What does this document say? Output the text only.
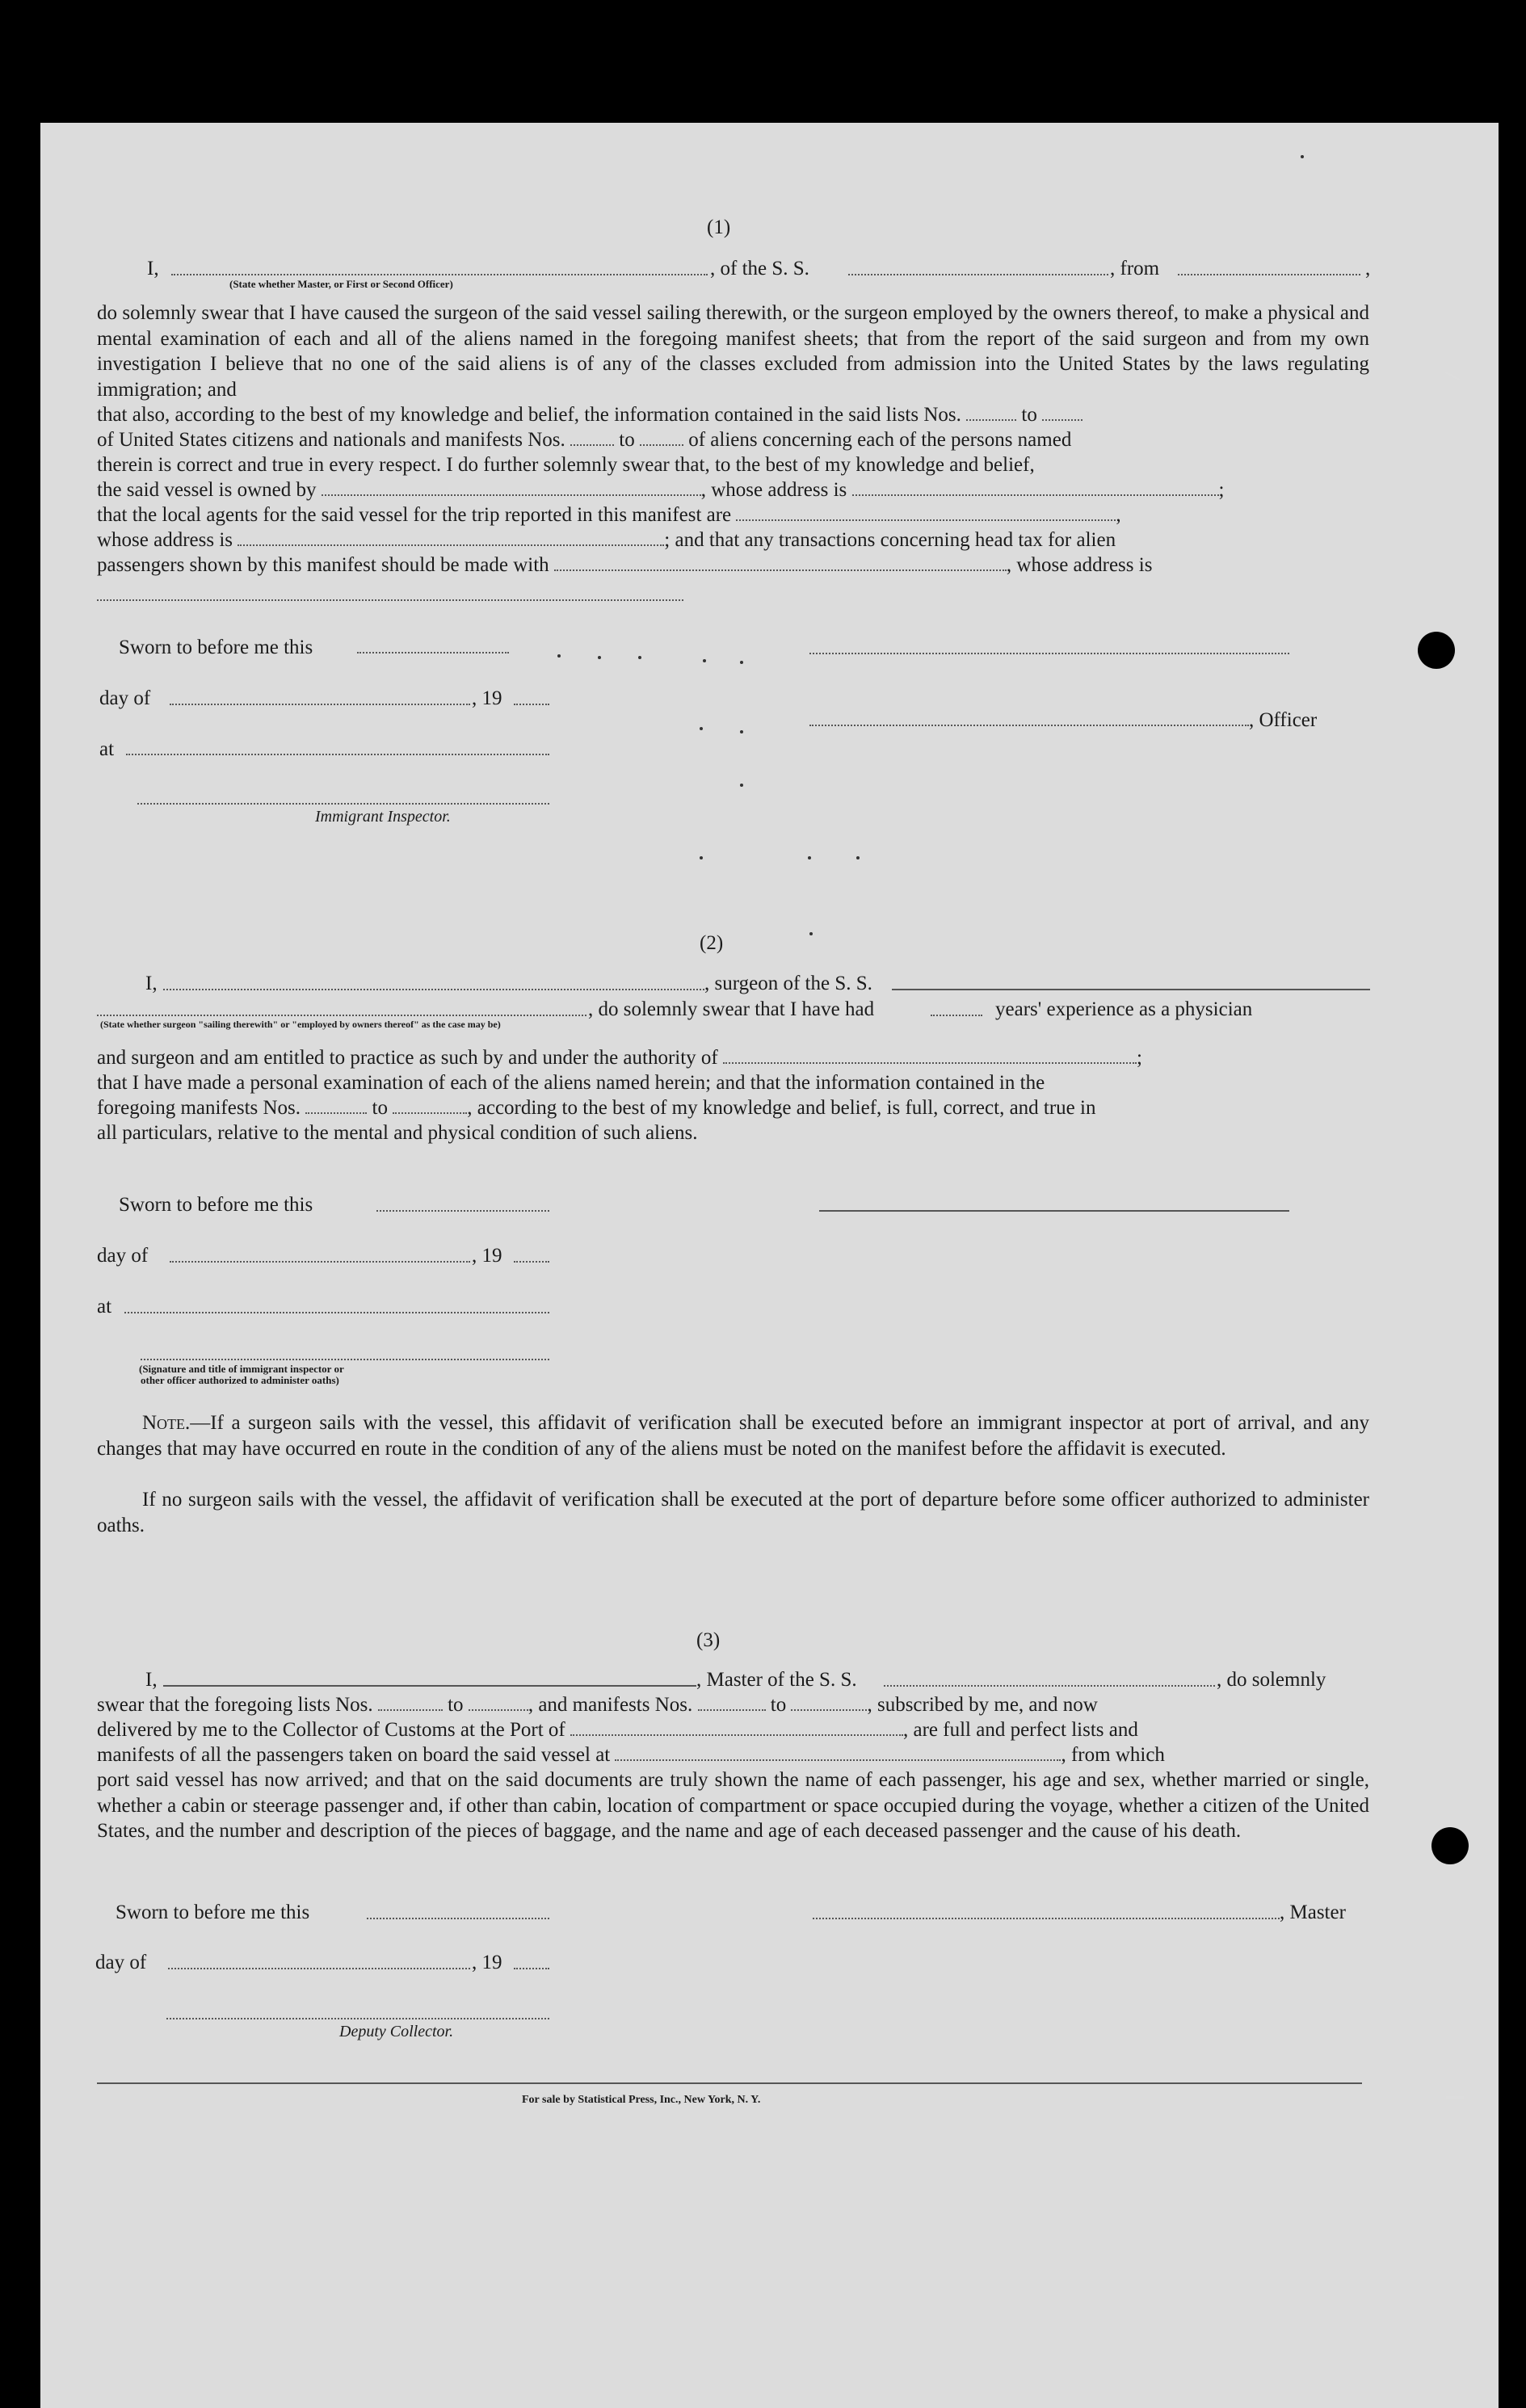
(1)
I,	, of the S. S.	, from	,
(State whether Master, or First or Second Officer)

do solemnly swear that I have caused the surgeon of the said vessel sailing therewith, or the surgeon employed by the owners thereof, to make a physical and mental examination of each and all of the aliens named in the foregoing manifest sheets; that from the report of the said surgeon and from my own investigation I believe that no one of the said aliens is of any of the classes excluded from admission into the United States by the laws regulating immigration; and

that also, according to the best of my knowledge and belief, the information contained in the said lists Nos.	to
of United States citizens and nationals and manifests Nos.	to	of aliens concerning each of the persons named
therein is correct and true in every respect. I do further solemnly swear that, to the best of my knowledge and belief,
the said vessel is owned by	, whose address is	;
that the local agents for the said vessel for the trip reported in this manifest are	,
whose address is	; and that any transactions concerning head tax for alien
passengers shown by this manifest should be made with	, whose address is
Sworn to before me this
day of	, 19
at
Immigrant Inspector.
, Officer
(2)
I,	, surgeon of the S. S.
, do solemnly swear that I have had	years' experience as a physician
(State whether surgeon "sailing therewith" or "employed by owners thereof" as the case may be)
and surgeon and am entitled to practice as such by and under the authority of	;
that I have made a personal examination of each of the aliens named herein; and that the information contained in the
foregoing manifests Nos.	to	, according to the best of my knowledge and belief, is full, correct, and true in
all particulars, relative to the mental and physical condition of such aliens.
Sworn to before me this
day of	, 19
at
(Signature and title of immigrant inspector or
other officer authorized to administer oaths)

Note.—If a surgeon sails with the vessel, this affidavit of verification shall be executed before an immigrant inspector at port of arrival, and any changes that may have occurred en route in the condition of any of the aliens must be noted on the manifest before the affidavit is executed.

If no surgeon sails with the vessel, the affidavit of verification shall be executed at the port of departure before some officer authorized to administer oaths.

(3)
I,	, Master of the S. S.	, do solemnly
swear that the foregoing lists Nos.	to	, and manifests Nos.	to	, subscribed by me, and now
delivered by me to the Collector of Customs at the Port of	, are full and perfect lists and
manifests of all the passengers taken on board the said vessel at	, from which

port said vessel has now arrived; and that on the said documents are truly shown the name of each passenger, his age and sex, whether married or single, whether a cabin or steerage passenger and, if other than cabin, location of compartment or space occupied during the voyage, whether a citizen of the United States, and the number and description of the pieces of baggage, and the name and age of each deceased passenger and the cause of his death.

Sworn to before me this	, Master
day of	, 19
Deputy Collector.
For sale by Statistical Press, Inc., New York, N. Y.
